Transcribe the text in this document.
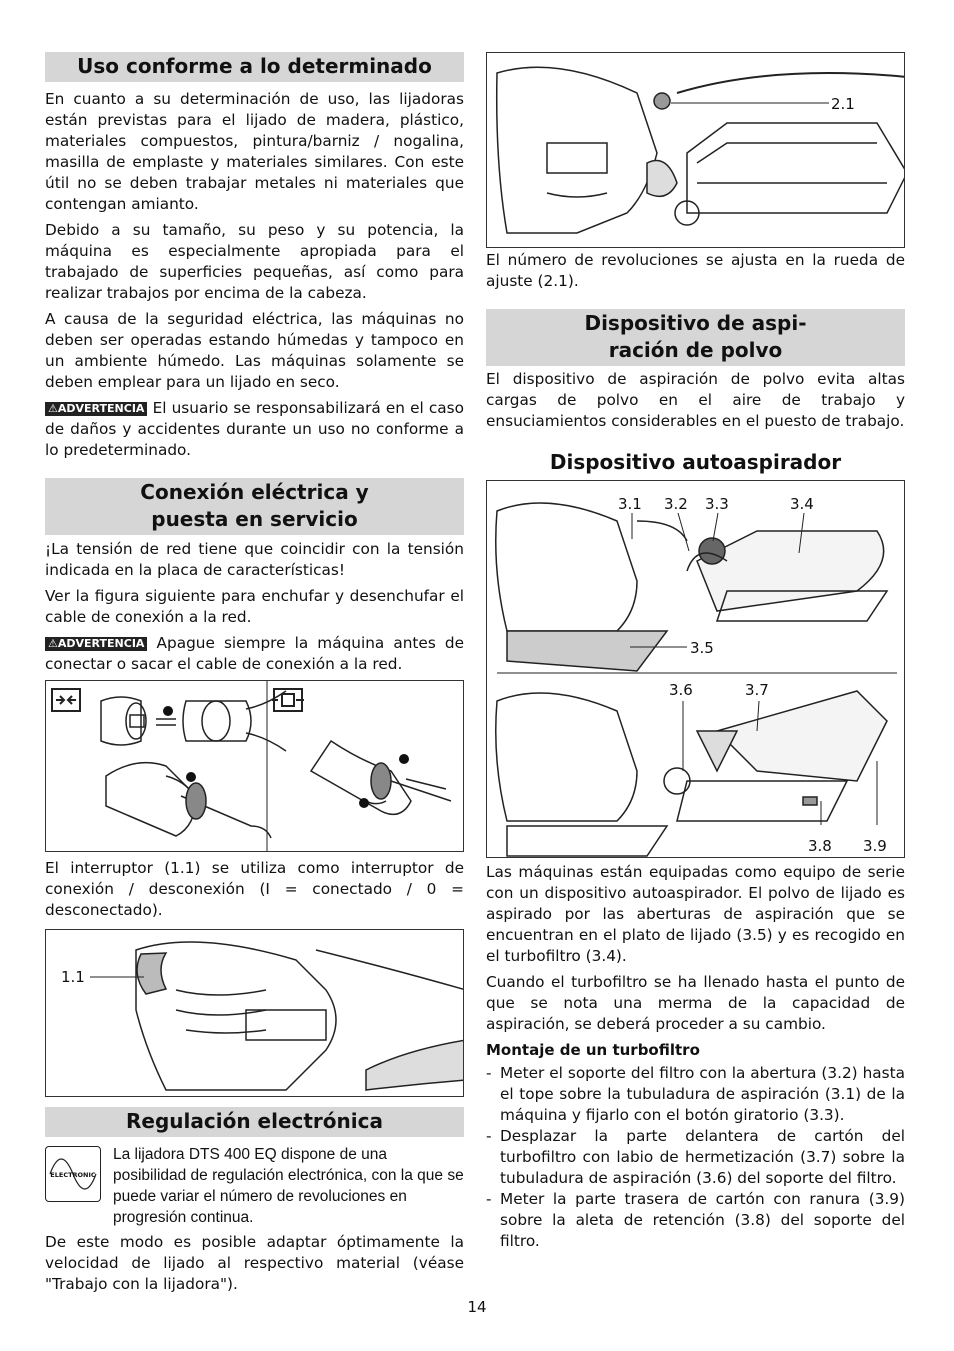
Uso conforme a lo determinado

En cuanto a su determinación de uso, las lijadoras están previstas para el lijado de madera, plástico, materiales compuestos, pintura/barniz / nogalina, masilla de emplaste y materiales similares. Con este útil no se deben trabajar metales ni materiales que contengan amianto.

Debido a su tamaño, su peso y su potencia, la máquina es especialmente apropiada para el trabajado de superficies pequeñas, así como para realizar trabajos por encima de la cabeza.

A causa de la seguridad eléctrica, las máquinas no deben ser operadas estando húmedas y tampoco en un ambiente húmedo. Las máquinas solamente se deben emplear para un lijado en seco.

⚠ADVERTENCIA El usuario se responsabilizará en el caso de daños y accidentes durante un uso no conforme a lo predeterminado.

Conexión eléctrica y
puesta en servicio

¡La tensión de red tiene que coincidir con la tensión indicada en la placa de características!

Ver la figura siguiente para enchufar y desenchufar el cable de conexión a la red.

⚠ADVERTENCIA Apague siempre la máquina antes de conectar o sacar el cable de conexión a la red.

El interruptor (1.1) se utiliza como interruptor de conexión / desconexión (I = conectado / 0 = desconectado).

1.1
Regulación electrónica
ELECTRONIC
La lijadora DTS 400 EQ dispone de una posibilidad de regulación electrónica, con la que se puede variar el número de revoluciones en progresión continua.

De este modo es posible adaptar óptimamente la velocidad de lijado al respectivo material (véase "Trabajo con la lijadora").

2.1

El número de revoluciones se ajusta en la rueda de ajuste (2.1).

Dispositivo de aspi-
ración de polvo

El dispositivo de aspiración de polvo evita altas cargas de polvo en el aire de trabajo y ensuciamientos considerables en el puesto de trabajo.

Dispositivo autoaspirador
3.1 3.2 3.3	3.4
3.5
3.6	3.7
3.8 3.9

Las máquinas están equipadas como equipo de serie con un dispositivo autoaspirador. El polvo de lijado es aspirado por las aberturas de aspiración que se encuentran en el plato de lijado (3.5) y es recogido en el turbofiltro (3.4).

Cuando el turbofiltro se ha llenado hasta el punto de que se nota una merma de la capacidad de aspiración, se deberá proceder a su cambio.

Montaje de un turbofiltro
- Meter el soporte del filtro con la abertura (3.2) hasta el tope sobre la tubuladura de aspiración (3.1) de la máquina y fijarlo con el botón giratorio (3.3).
- Desplazar la parte delantera de cartón del turbofiltro con labio de hermetización (3.7) sobre la tubuladura de aspiración (3.6) del soporte del filtro.
- Meter la parte trasera de cartón con ranura (3.9) sobre la aleta de retención (3.8) del soporte del filtro.
14
